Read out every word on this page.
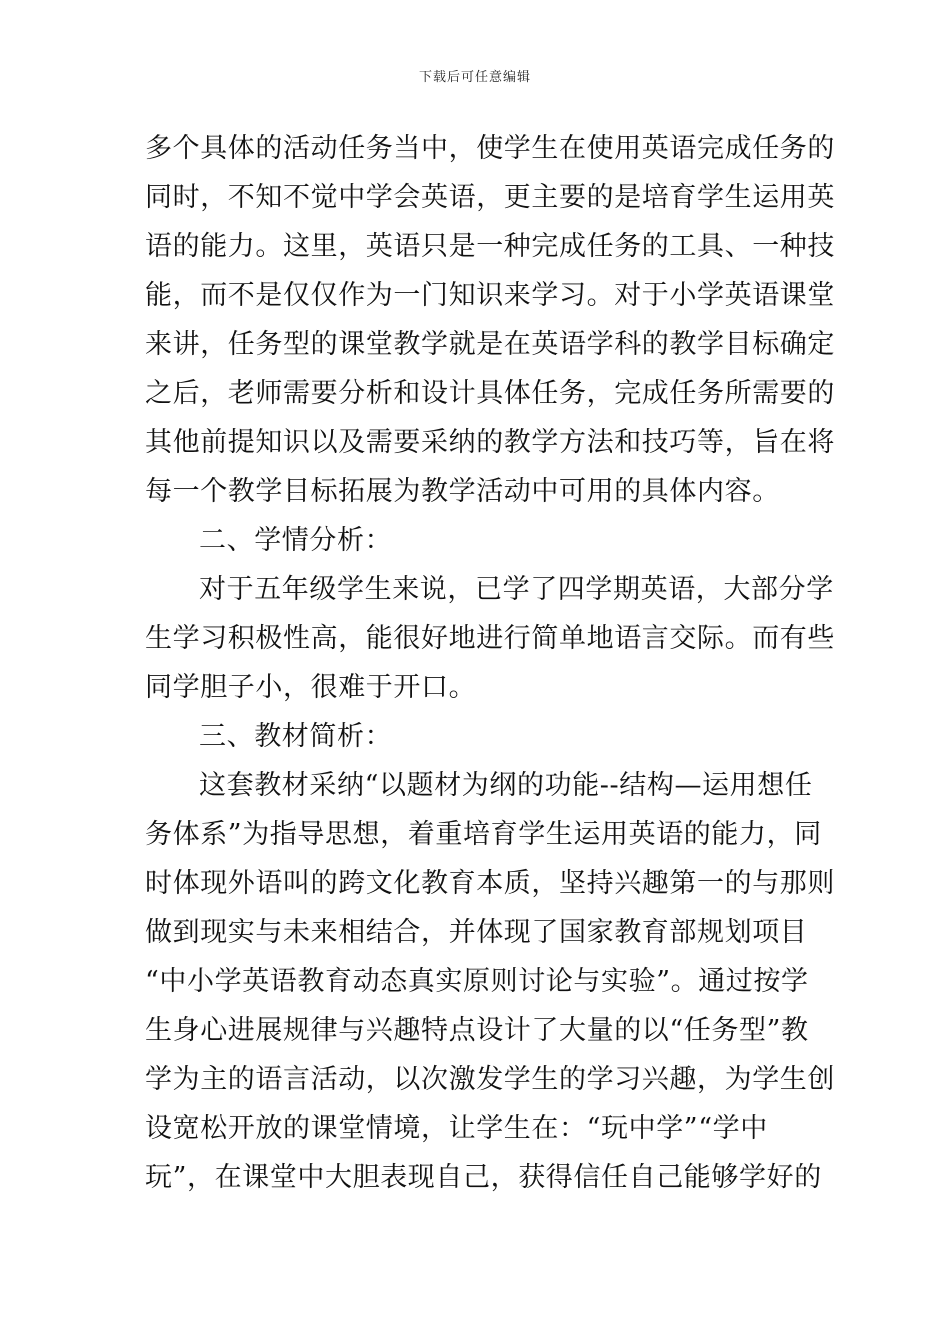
下载后可任意编辑
多个具体的活动任务当中，使学生在使用英语完成任务的
同时，不知不觉中学会英语，更主要的是培育学生运用英
语的能力。这里，英语只是一种完成任务的工具、一种技
能，而不是仅仅作为一门知识来学习。对于小学英语课堂
来讲，任务型的课堂教学就是在英语学科的教学目标确定
之后，老师需要分析和设计具体任务，完成任务所需要的
其他前提知识以及需要采纳的教学方法和技巧等，旨在将
每一个教学目标拓展为教学活动中可用的具体内容。
二、学情分析：
对于五年级学生来说，已学了四学期英语，大部分学
生学习积极性高，能很好地进行简单地语言交际。而有些
同学胆子小，很难于开口。
三、教材简析：
这套教材采纳“以题材为纲的功能--结构—运用想任
务体系”为指导思想，着重培育学生运用英语的能力，同
时体现外语叫的跨文化教育本质，坚持兴趣第一的与那则
做到现实与未来相结合，并体现了国家教育部规划项目
“中小学英语教育动态真实原则讨论与实验”。通过按学
生身心进展规律与兴趣特点设计了大量的以“任务型”教
学为主的语言活动，以次激发学生的学习兴趣，为学生创
设宽松开放的课堂情境，让学生在：“玩中学”“学中
玩”，在课堂中大胆表现自己，获得信任自己能够学好的
